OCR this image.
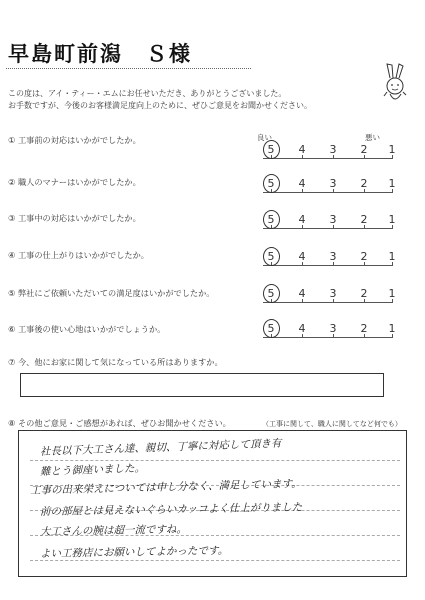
早島町前潟　Ｓ様
この度は、アイ・ティー・エムにお任せいただき、ありがとうございました。
お手数ですが、今後のお客様満足度向上のために、ぜひご意見をお聞かせください。
良い	悪い
① 工事前の対応はいかがでしたか。
② 職人のマナーはいかがでしたか。
③ 工事中の対応はいかがでしたか。
④ 工事の仕上がりはいかがでしたか。
⑤ 弊社にご依頼いただいての満足度はいかがでしたか。
⑥ 工事後の使い心地はいかがでしょうか。
5 4 3 2 1
5 4 3 2 1
5 4 3 2 1
5 4 3 2 1
5 4 3 2 1
5 4 3 2 1
⑦ 今、他にお家に関して気になっている所はありますか。
⑧ その他ご意見・ご感想があれば、ぜひお聞かせください。	（工事に関して、職人に関してなど何でも）
社長以下大工さん達、親切、丁寧に対応して頂き有
難とう御座いました。
工事の出来栄えについては申し分なく、満足しています。
前の部屋とは見えないぐらいカッコよく仕上がりました
大工さんの腕は超一流ですね。
よい工務店にお願いしてよかったです。
